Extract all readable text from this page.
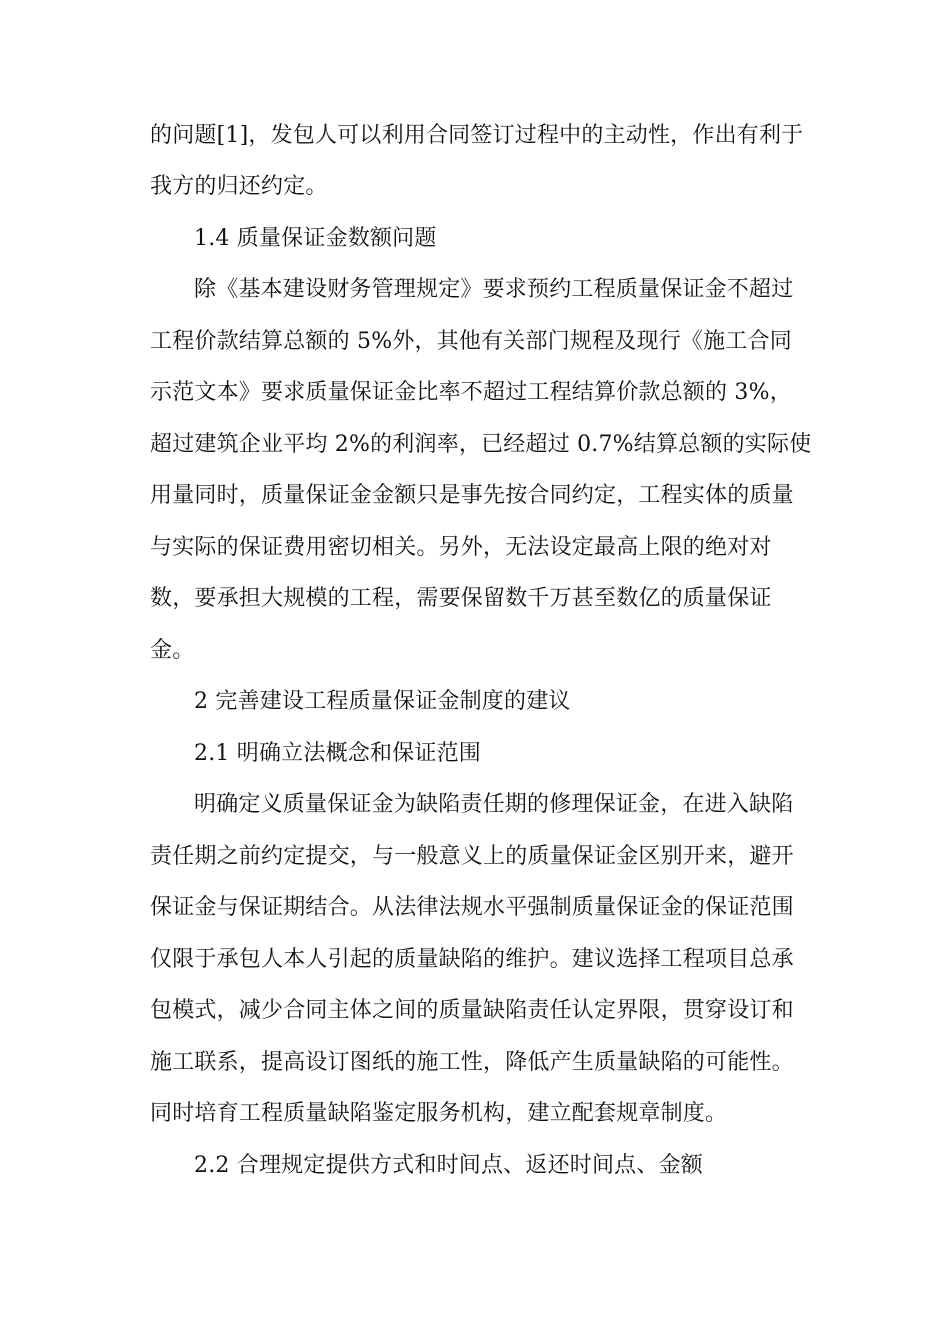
的问题[1]，发包人可以利用合同签订过程中的主动性，作出有利于
我方的归还约定。
1.4 质量保证金数额问题
除《基本建设财务管理规定》要求预约工程质量保证金不超过
工程价款结算总额的 5%外，其他有关部门规程及现行《施工合同
示范文本》要求质量保证金比率不超过工程结算价款总额的 3%，
超过建筑企业平均 2%的利润率，已经超过 0.7%结算总额的实际使
用量同时，质量保证金金额只是事先按合同约定，工程实体的质量
与实际的保证费用密切相关。另外，无法设定最高上限的绝对对
数，要承担大规模的工程，需要保留数千万甚至数亿的质量保证
金。
2 完善建设工程质量保证金制度的建议
2.1 明确立法概念和保证范围
明确定义质量保证金为缺陷责任期的修理保证金，在进入缺陷
责任期之前约定提交，与一般意义上的质量保证金区别开来，避开
保证金与保证期结合。从法律法规水平强制质量保证金的保证范围
仅限于承包人本人引起的质量缺陷的维护。建议选择工程项目总承
包模式，减少合同主体之间的质量缺陷责任认定界限，贯穿设订和
施工联系，提高设订图纸的施工性，降低产生质量缺陷的可能性。
同时培育工程质量缺陷鉴定服务机构，建立配套规章制度。
2.2 合理规定提供方式和时间点、返还时间点、金额
